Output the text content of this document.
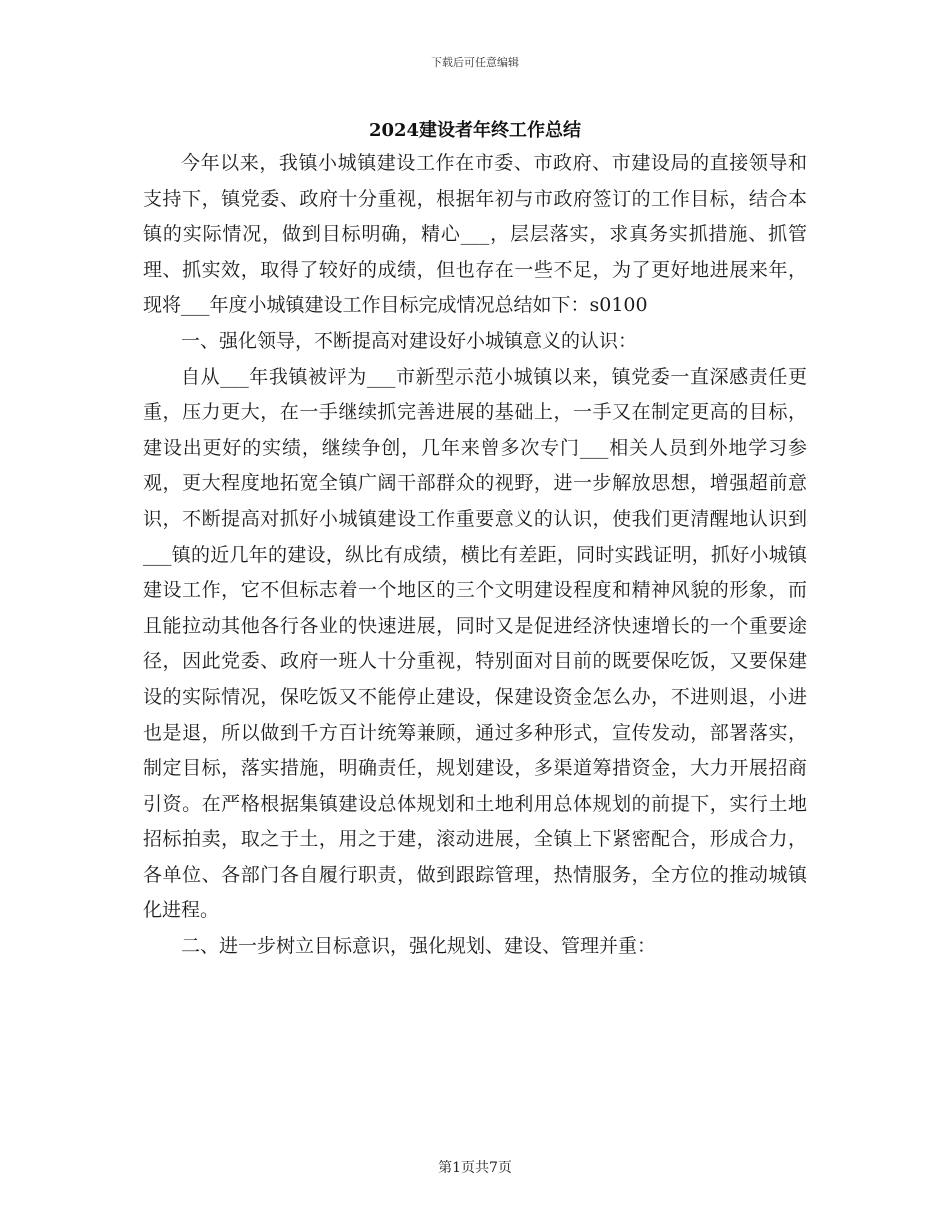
下载后可任意编辑
2024建设者年终工作总结

今年以来，我镇小城镇建设工作在市委、市政府、市建设局的直接领导和支持下，镇党委、政府十分重视，根据年初与市政府签订的工作目标，结合本镇的实际情况，做到目标明确，精心___，层层落实，求真务实抓措施、抓管理、抓实效，取得了较好的成绩，但也存在一些不足，为了更好地进展来年，现将___年度小城镇建设工作目标完成情况总结如下：s0100

一、强化领导，不断提高对建设好小城镇意义的认识：

自从___年我镇被评为___市新型示范小城镇以来，镇党委一直深感责任更重，压力更大，在一手继续抓完善进展的基础上，一手又在制定更高的目标，建设出更好的实绩，继续争创，几年来曾多次专门___相关人员到外地学习参观，更大程度地拓宽全镇广阔干部群众的视野，进一步解放思想，增强超前意识，不断提高对抓好小城镇建设工作重要意义的认识，使我们更清醒地认识到___镇的近几年的建设，纵比有成绩，横比有差距，同时实践证明，抓好小城镇建设工作，它不但标志着一个地区的三个文明建设程度和精神风貌的形象，而且能拉动其他各行各业的快速进展，同时又是促进经济快速增长的一个重要途径，因此党委、政府一班人十分重视，特别面对目前的既要保吃饭，又要保建设的实际情况，保吃饭又不能停止建设，保建设资金怎么办，不进则退，小进也是退，所以做到千方百计统筹兼顾，通过多种形式，宣传发动，部署落实，制定目标，落实措施，明确责任，规划建设，多渠道筹措资金，大力开展招商引资。在严格根据集镇建设总体规划和土地利用总体规划的前提下，实行土地招标拍卖，取之于土，用之于建，滚动进展，全镇上下紧密配合，形成合力，各单位、各部门各自履行职责，做到跟踪管理，热情服务，全方位的推动城镇化进程。

二、进一步树立目标意识，强化规划、建设、管理并重：

第1页共7页
